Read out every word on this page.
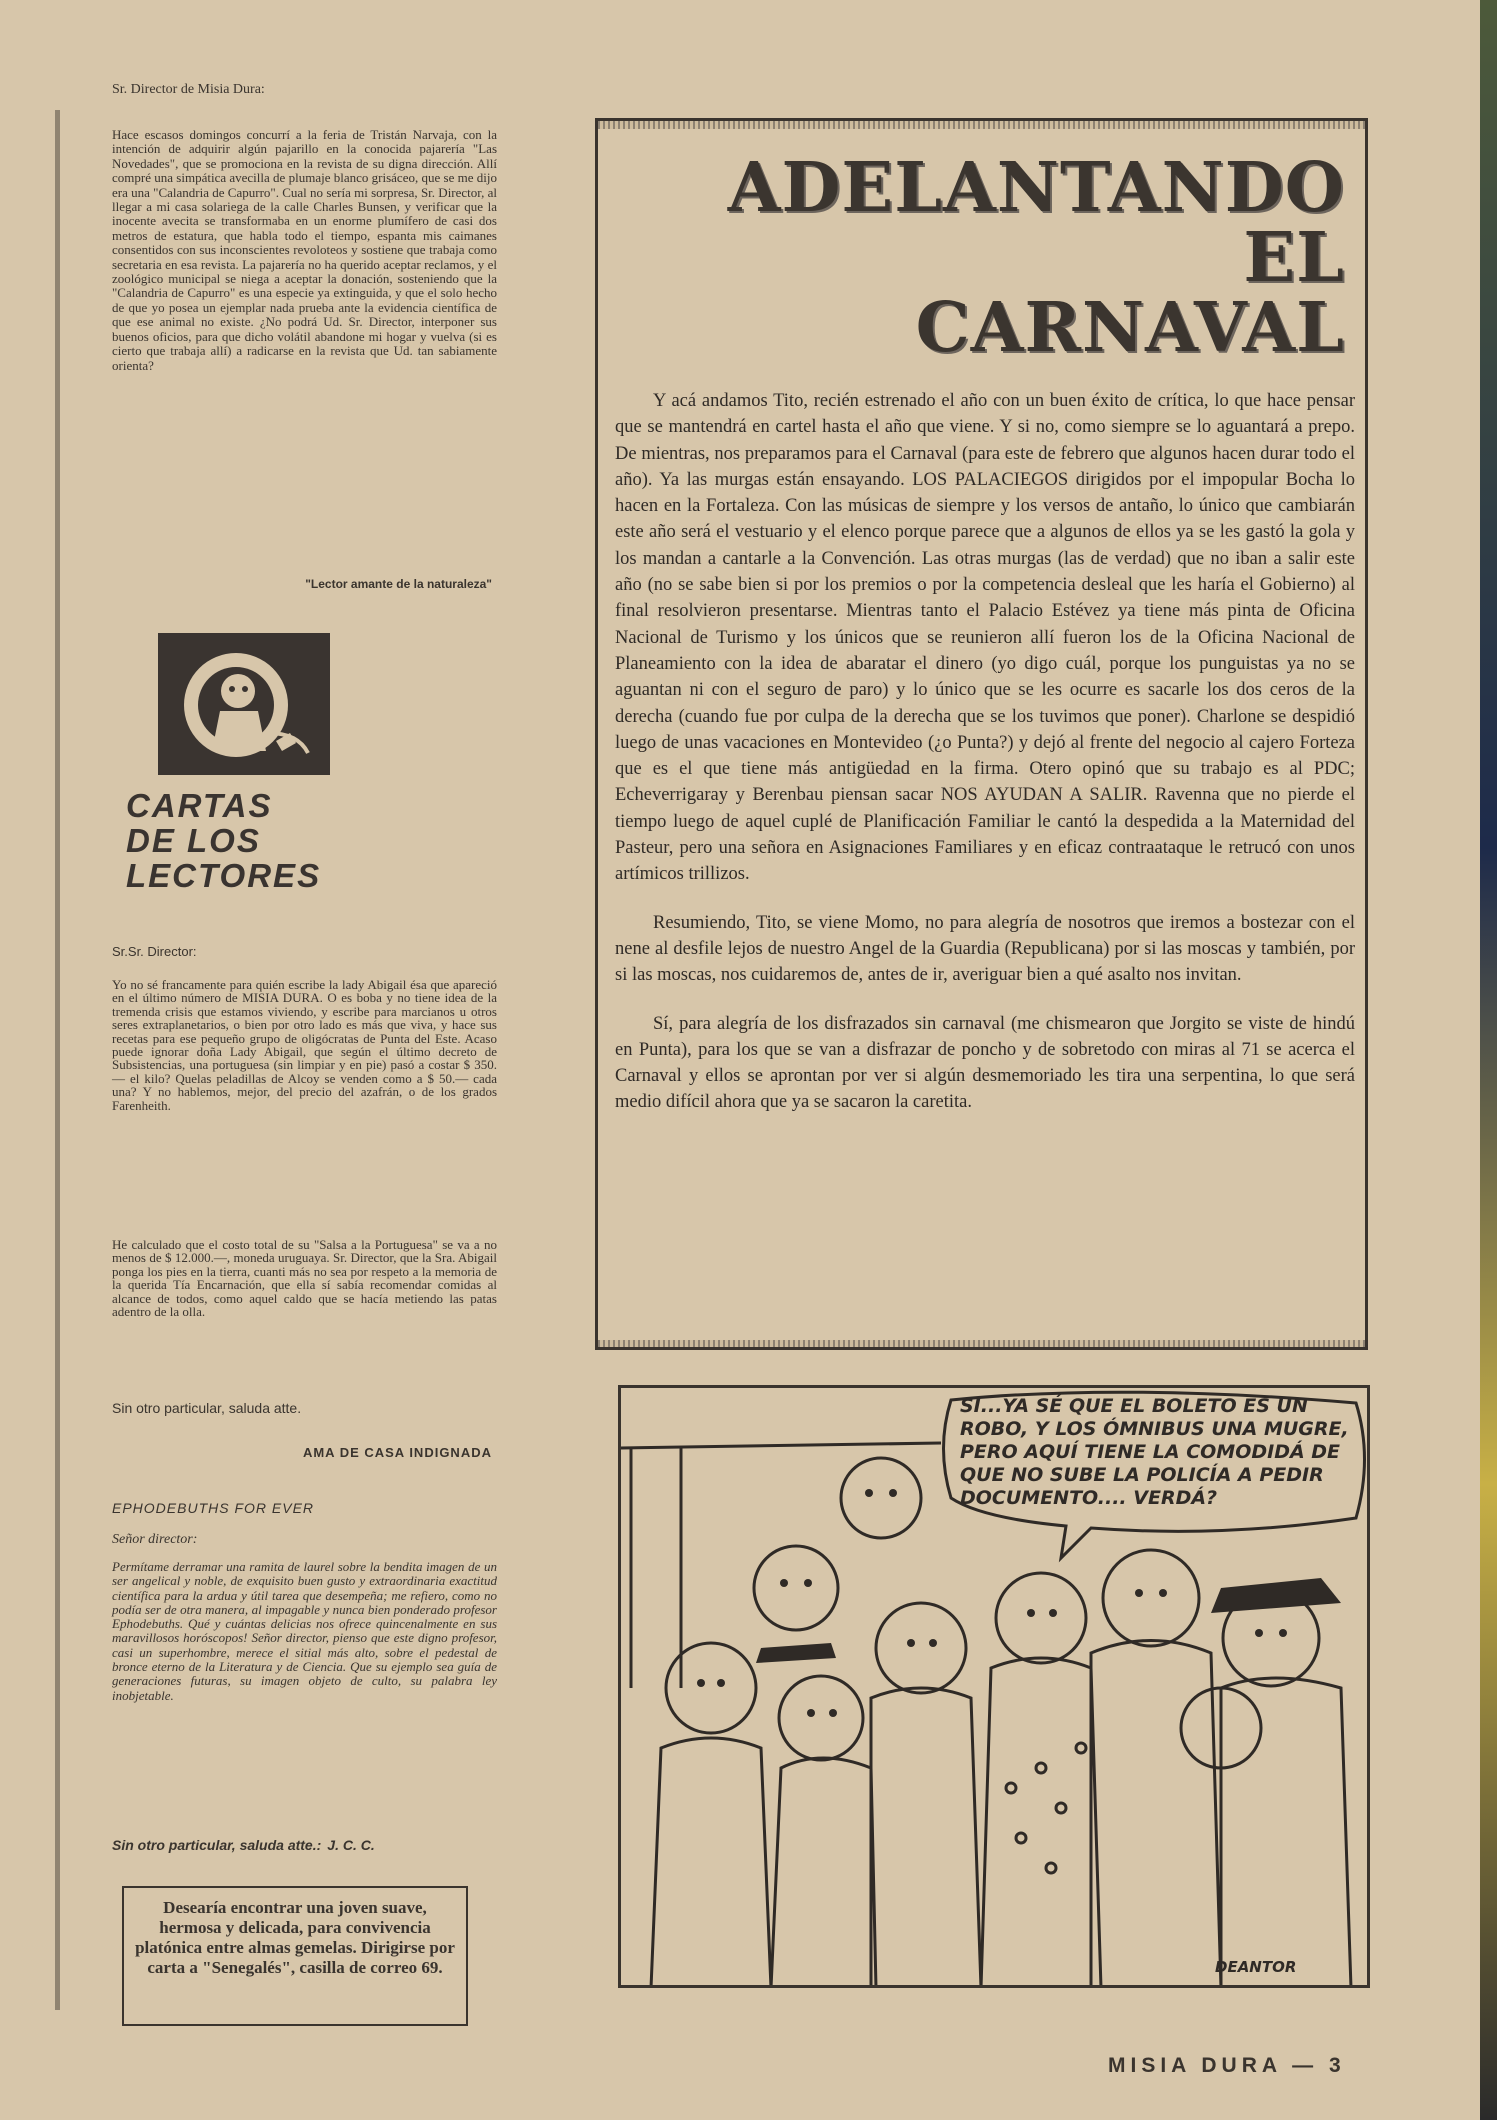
Sr. Director de Misia Dura:
Hace escasos domingos concurrí a la feria de Tristán Narvaja, con la intención de adquirir algún pajarillo en la conocida pajarería "Las Novedades", que se promociona en la revista de su digna dirección. Allí compré una simpática avecilla de plumaje blanco grisáceo, que se me dijo era una "Calandria de Capurro". Cual no sería mi sorpresa, Sr. Director, al llegar a mi casa solariega de la calle Charles Bunsen, y verificar que la inocente avecita se transformaba en un enorme plumífero de casi dos metros de estatura, que habla todo el tiempo, espanta mis caimanes consentidos con sus inconscientes revoloteos y sostiene que trabaja como secretaria en esa revista. La pajarería no ha querido aceptar reclamos, y el zoológico municipal se niega a aceptar la donación, sosteniendo que la "Calandria de Capurro" es una especie ya extinguida, y que el solo hecho de que yo posea un ejemplar nada prueba ante la evidencia científica de que ese animal no existe. ¿No podrá Ud. Sr. Director, interponer sus buenos oficios, para que dicho volátil abandone mi hogar y vuelva (si es cierto que trabaja allí) a radicarse en la revista que Ud. tan sabiamente orienta?
"Lector amante de la naturaleza"
CARTAS
DE LOS
LECTORES
Sr.Sr. Director:
Yo no sé francamente para quién escribe la lady Abigail ésa que apareció en el último número de MISIA DURA. O es boba y no tiene idea de la tremenda crisis que estamos viviendo, y escribe para marcianos u otros seres extraplanetarios, o bien por otro lado es más que viva, y hace sus recetas para ese pequeño grupo de oligócratas de Punta del Este. Acaso puede ignorar doña Lady Abigail, que según el último decreto de Subsistencias, una portuguesa (sin limpiar y en pie) pasó a costar $ 350.— el kilo? Quelas peladillas de Alcoy se venden como a $ 50.— cada una? Y no hablemos, mejor, del precio del azafrán, o de los grados Farenheith.
He calculado que el costo total de su "Salsa a la Portuguesa" se va a no menos de $ 12.000.—, moneda uruguaya. Sr. Director, que la Sra. Abigail ponga los pies en la tierra, cuanti más no sea por respeto a la memoria de la querida Tía Encarnación, que ella sí sabía recomendar comidas al alcance de todos, como aquel caldo que se hacía metiendo las patas adentro de la olla.
Sin otro particular, saluda atte.
AMA DE CASA INDIGNADA
EPHODEBUTHS FOR EVER
Señor director:
Permítame derramar una ramita de laurel sobre la bendita imagen de un ser angelical y noble, de exquisito buen gusto y extraordinaria exactitud científica para la ardua y útil tarea que desempeña; me refiero, como no podía ser de otra manera, al impagable y nunca bien ponderado profesor Ephodebuths. Qué y cuántas delicias nos ofrece quincenalmente en sus maravillosos horóscopos! Señor director, pienso que este digno profesor, casi un superhombre, merece el sitial más alto, sobre el pedestal de bronce eterno de la Literatura y de Ciencia. Que su ejemplo sea guía de generaciones futuras, su imagen objeto de culto, su palabra ley inobjetable.
Sin otro particular, saluda atte.: J. C. C.
Desearía encontrar una joven suave, hermosa y delicada, para convivencia platónica entre almas gemelas. Dirigirse por carta a "Senegalés", casilla de correo 69.
ADELANTANDO
EL
CARNAVAL

Y acá andamos Tito, recién estrenado el año con un buen éxito de crítica, lo que hace pensar que se mantendrá en cartel hasta el año que viene. Y si no, como siempre se lo aguantará a prepo. De mientras, nos preparamos para el Carnaval (para este de febrero que algunos hacen durar todo el año). Ya las murgas están ensayando. LOS PALACIEGOS dirigidos por el impopular Bocha lo hacen en la Fortaleza. Con las músicas de siempre y los versos de antaño, lo único que cambiarán este año será el vestuario y el elenco porque parece que a algunos de ellos ya se les gastó la gola y los mandan a cantarle a la Convención. Las otras murgas (las de verdad) que no iban a salir este año (no se sabe bien si por los premios o por la competencia desleal que les haría el Gobierno) al final resolvieron presentarse. Mientras tanto el Palacio Estévez ya tiene más pinta de Oficina Nacional de Turismo y los únicos que se reunieron allí fueron los de la Oficina Nacional de Planeamiento con la idea de abaratar el dinero (yo digo cuál, porque los punguistas ya no se aguantan ni con el seguro de paro) y lo único que se les ocurre es sacarle los dos ceros de la derecha (cuando fue por culpa de la derecha que se los tuvimos que poner). Charlone se despidió luego de unas vacaciones en Montevideo (¿o Punta?) y dejó al frente del negocio al cajero Forteza que es el que tiene más antigüedad en la firma. Otero opinó que su trabajo es al PDC; Echeverrigaray y Berenbau piensan sacar NOS AYUDAN A SALIR. Ravenna que no pierde el tiempo luego de aquel cuplé de Planificación Familiar le cantó la despedida a la Maternidad del Pasteur, pero una señora en Asignaciones Familiares y en eficaz contraataque le retrucó con unos artímicos trillizos.

Resumiendo, Tito, se viene Momo, no para alegría de nosotros que iremos a bostezar con el nene al desfile lejos de nuestro Angel de la Guardia (Republicana) por si las moscas y también, por si las moscas, nos cuidaremos de, antes de ir, averiguar bien a qué asalto nos invitan.

Sí, para alegría de los disfrazados sin carnaval (me chismearon que Jorgito se viste de hindú en Punta), para los que se van a disfrazar de poncho y de sobretodo con miras al 71 se acerca el Carnaval y ellos se aprontan por ver si algún desmemoriado les tira una serpentina, lo que será medio difícil ahora que ya se sacaron la caretita.

SI...YA SÉ QUE EL BOLETO ES UN ROBO, Y LOS ÓMNIBUS UNA MUGRE, PERO AQUÍ TIENE LA COMODIDÁ DE QUE NO SUBE LA POLICÍA A PEDIR DOCUMENTO.... VERDÁ?
DEANTOR
MISIA DURA — 3
